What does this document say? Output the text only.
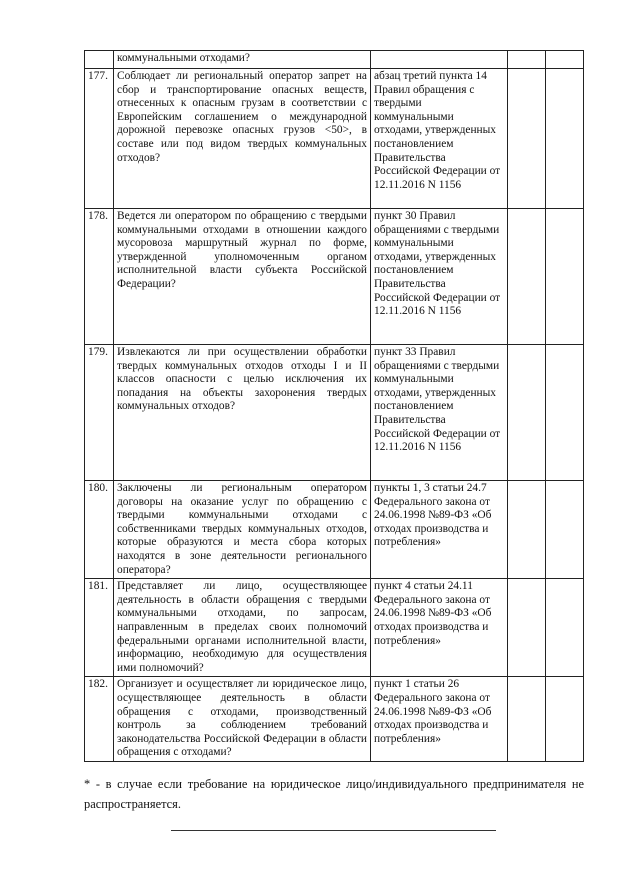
	коммунальными отходами?			
177.	Соблюдает ли региональный оператор запрет на сбор и транспортирование опасных веществ, отнесенных к опасным грузам в соответствии с Европейским соглашением о международной дорожной перевозке опасных грузов <50>, в составе или под видом твердых коммунальных отходов?	абзац третий пункта 14 Правил обращения с твердыми коммунальными отходами, утвержденных постановлением Правительства Российской Федерации от 12.11.2016 N 1156		
178.	Ведется ли оператором по обращению с твердыми коммунальными отходами в отношении каждого мусоровоза маршрутный журнал по форме, утвержденной уполномоченным органом исполнительной власти субъекта Российской Федерации?	пункт 30 Правил обращениями с твердыми коммунальными отходами, утвержденных постановлением Правительства Российской Федерации от 12.11.2016 N 1156		
179.	Извлекаются ли при осуществлении обработки твердых коммунальных отходов отходы I и II классов опасности с целью исключения их попадания на объекты захоронения твердых коммунальных отходов?	пункт 33 Правил обращениями с твердыми коммунальными отходами, утвержденных постановлением Правительства Российской Федерации от 12.11.2016 N 1156		
180.	Заключены ли региональным оператором договоры на оказание услуг по обращению с твердыми коммунальными отходами с собственниками твердых коммунальных отходов, которые образуются и места сбора которых находятся в зоне деятельности регионального оператора?	пункты 1, 3 статьи 24.7 Федерального закона от 24.06.1998 №89-ФЗ «Об отходах производства и потребления»		
181.	Представляет ли лицо, осуществляющее деятельность в области обращения с твердыми коммунальными отходами, по запросам, направленным в пределах своих полномочий федеральными органами исполнительной власти, информацию, необходимую для осуществления ими полномочий?	пункт 4 статьи 24.11 Федерального закона от 24.06.1998 №89-ФЗ «Об отходах производства и потребления»		
182.	Организует и осуществляет ли юридическое лицо, осуществляющее деятельность в области обращения с отходами, производственный контроль за соблюдением требований законодательства Российской Федерации в области обращения с отходами?	пункт 1 статьи 26 Федерального закона от 24.06.1998 №89-ФЗ «Об отходах производства и потребления»		
* - в случае если требование на юридическое лицо/индивидуального предпринимателя не распространяется.
